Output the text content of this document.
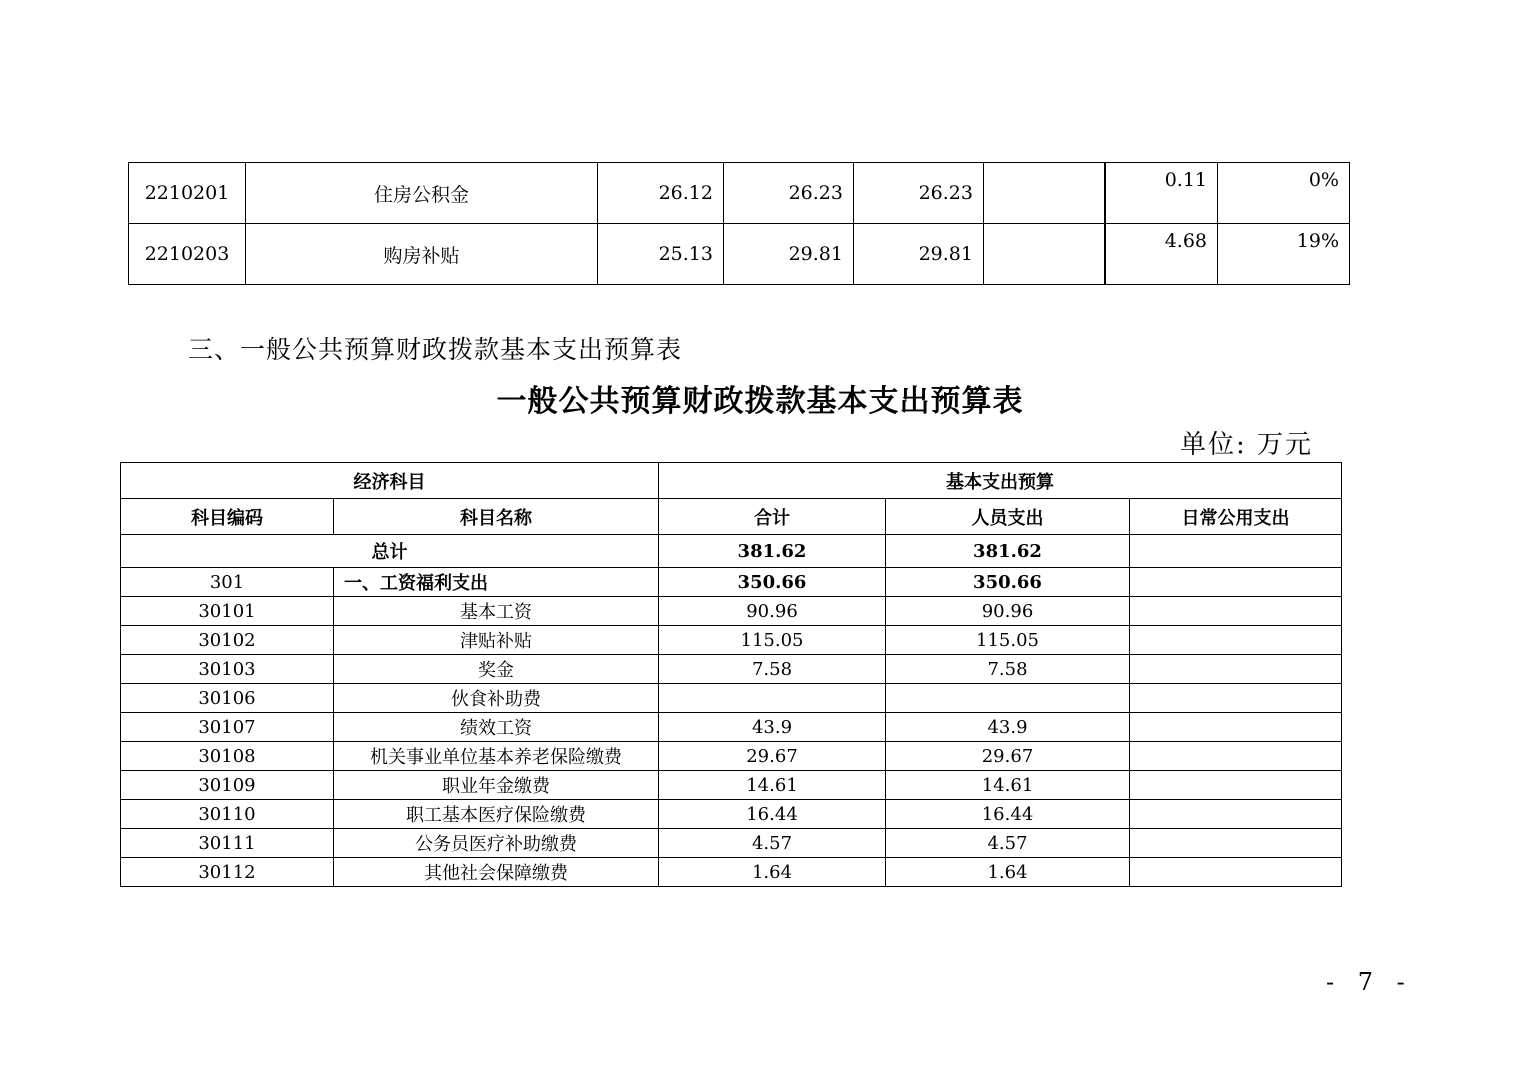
2210201	住房公积金	26.12	26.23	26.23		0.11	0%
2210203	购房补贴	25.13	29.81	29.81		4.68	19%
三、一般公共预算财政拨款基本支出预算表
一般公共预算财政拨款基本支出预算表
单位: 万元
经济科目		基本支出预算		
科目编码	科目名称	合计	人员支出	日常公用支出
总计		381.62	381.62	
301	一、工资福利支出	350.66	350.66	
30101	基本工资	90.96	90.96	
30102	津贴补贴	115.05	115.05	
30103	奖金	7.58	7.58	
30106	伙食补助费			
30107	绩效工资	43.9	43.9	
30108	机关事业单位基本养老保险缴费	29.67	29.67	
30109	职业年金缴费	14.61	14.61	
30110	职工基本医疗保险缴费	16.44	16.44	
30111	公务员医疗补助缴费	4.57	4.57	
30112	其他社会保障缴费	1.64	1.64	
- 7 -
